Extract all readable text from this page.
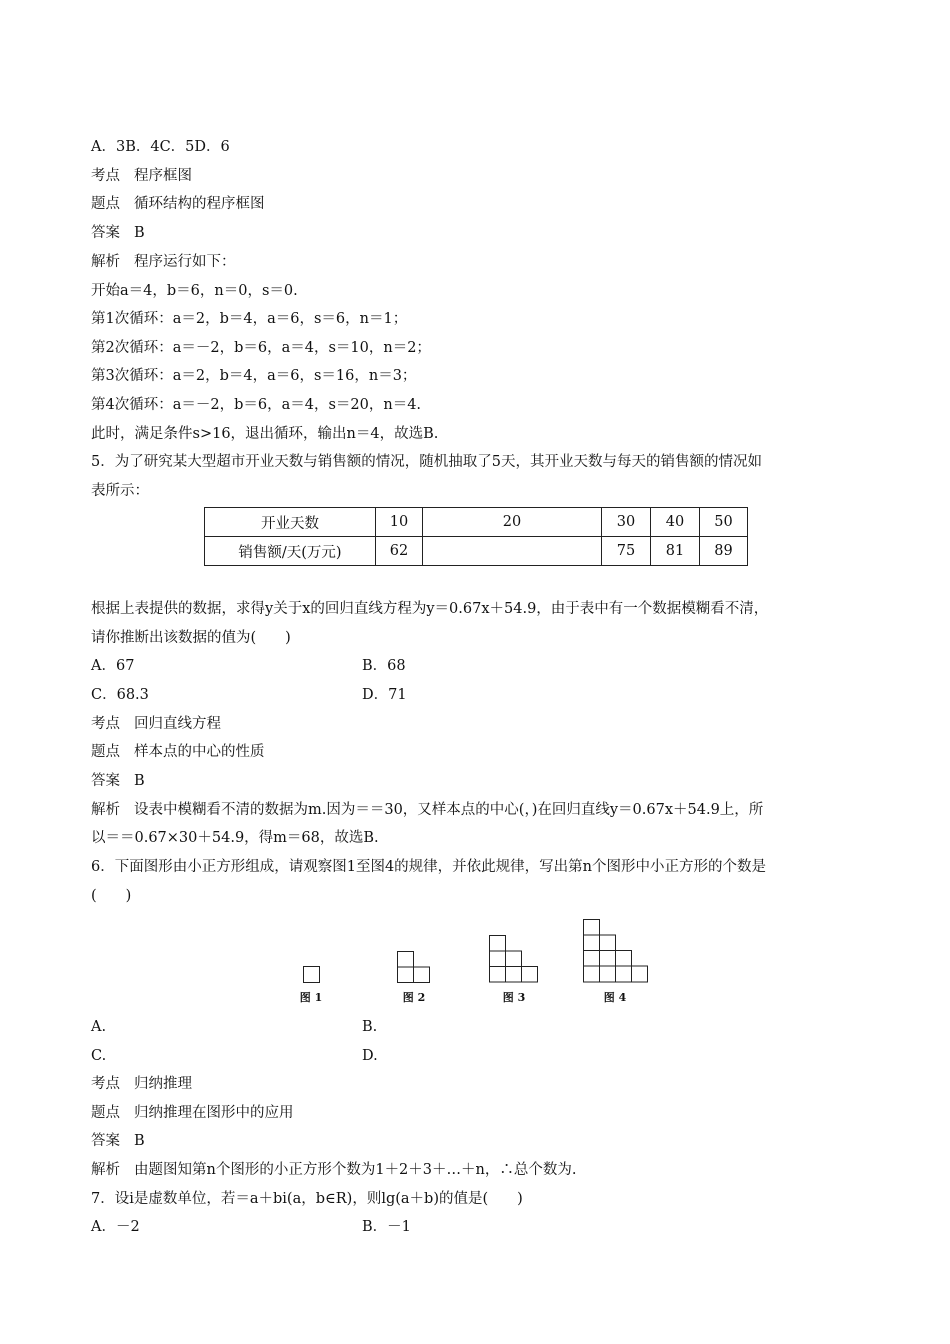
A．3B．4C．5D．6
考点 程序框图
题点 循环结构的程序框图
答案 B
解析 程序运行如下：
开始a＝4，b＝6，n＝0，s＝0.
第1次循环：a＝2，b＝4，a＝6，s＝6，n＝1；
第2次循环：a＝－2，b＝6，a＝4，s＝10，n＝2；
第3次循环：a＝2，b＝4，a＝6，s＝16，n＝3；
第4次循环：a＝－2，b＝6，a＝4，s＝20，n＝4.
此时，满足条件s>16，退出循环，输出n＝4，故选B.
5．为了研究某大型超市开业天数与销售额的情况，随机抽取了5天，其开业天数与每天的销售额的情况如
表所示：
开业天数	10	20	30	40	50
销售额/天(万元)	62		75	81	89
根据上表提供的数据，求得y关于x的回归直线方程为y＝0.67x＋54.9，由于表中有一个数据模糊看不清，
请你推断出该数据的值为(　　)
A．67	B．68
C．68.3	D．71
考点 回归直线方程
题点 样本点的中心的性质
答案 B
解析 设表中模糊看不清的数据为m.因为＝＝30，又样本点的中心(，)在回归直线y＝0.67x＋54.9上，所
以＝＝0.67×30＋54.9，得m＝68，故选B.
6．下面图形由小正方形组成，请观察图1至图4的规律，并依此规律，写出第n个图形中小正方形的个数是
(　　)
图 1	图 2	图 3	图 4
A.	B.
C.	D.
考点 归纳推理
题点 归纳推理在图形中的应用
答案 B
解析 由题图知第n个图形的小正方形个数为1＋2＋3＋…＋n，∴总个数为.
7．设i是虚数单位，若＝a＋bi(a，b∈R)，则lg(a＋b)的值是(　　)
A．－2	B．－1
